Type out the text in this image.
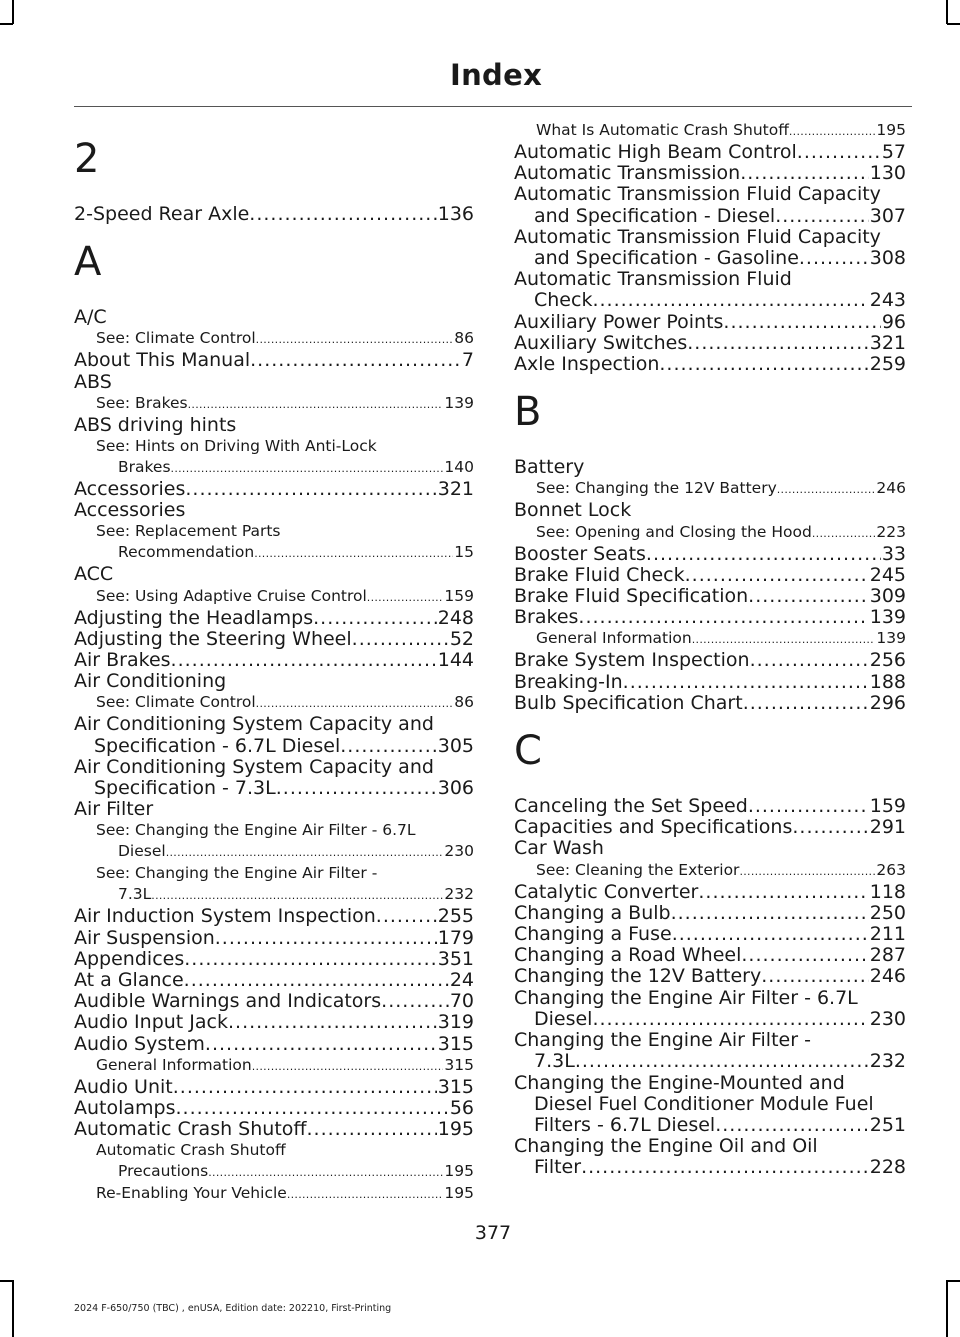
Index
2
2-Speed Rear Axle .....	136
A
A/C
See: Climate Control .....	86
About This Manual .....	7
ABS
See: Brakes .....	139
ABS driving hints
See: Hints on Driving With Anti-Lock
Brakes .....	140
Accessories .....	321
Accessories
See: Replacement Parts
Recommendation .....	15
ACC
See: Using Adaptive Cruise Control .....	159
Adjusting the Headlamps .....	248
Adjusting the Steering Wheel .....	52
Air Brakes .....	144
Air Conditioning
See: Climate Control .....	86
Air Conditioning System Capacity and
Specification - 6.7L Diesel .....	305
Air Conditioning System Capacity and
Specification - 7.3L .....	306
Air Filter
See: Changing the Engine Air Filter - 6.7L
Diesel .....	230
See: Changing the Engine Air Filter -
7.3L .....	232
Air Induction System Inspection .....	255
Air Suspension .....	179
Appendices .....	351
At a Glance .....	24
Audible Warnings and Indicators .....	70
Audio Input Jack .....	319
Audio System .....	315
General Information .....	315
Audio Unit .....	315
Autolamps .....	56
Automatic Crash Shutoff .....	195
Automatic Crash Shutoff
Precautions .....	195
Re-Enabling Your Vehicle .....	195
What Is Automatic Crash Shutoff .....	195
Automatic High Beam Control .....	57
Automatic Transmission .....	130
Automatic Transmission Fluid Capacity
and Specification - Diesel .....	307
Automatic Transmission Fluid Capacity
and Specification - Gasoline .....	308
Automatic Transmission Fluid
Check .....	243
Auxiliary Power Points .....	96
Auxiliary Switches .....	321
Axle Inspection .....	259
B
Battery
See: Changing the 12V Battery .....	246
Bonnet Lock
See: Opening and Closing the Hood .....	223
Booster Seats .....	33
Brake Fluid Check .....	245
Brake Fluid Specification .....	309
Brakes .....	139
General Information .....	139
Brake System Inspection .....	256
Breaking-In .....	188
Bulb Specification Chart .....	296
C
Canceling the Set Speed .....	159
Capacities and Specifications .....	291
Car Wash
See: Cleaning the Exterior .....	263
Catalytic Converter .....	118
Changing a Bulb .....	250
Changing a Fuse .....	211
Changing a Road Wheel .....	287
Changing the 12V Battery .....	246
Changing the Engine Air Filter - 6.7L
Diesel .....	230
Changing the Engine Air Filter -
7.3L .....	232
Changing the Engine-Mounted and
Diesel Fuel Conditioner Module Fuel
Filters - 6.7L Diesel .....	251
Changing the Engine Oil and Oil
Filter .....	228
377
2024 F-650/750 (TBC) , enUSA, Edition date: 202210, First-Printing
